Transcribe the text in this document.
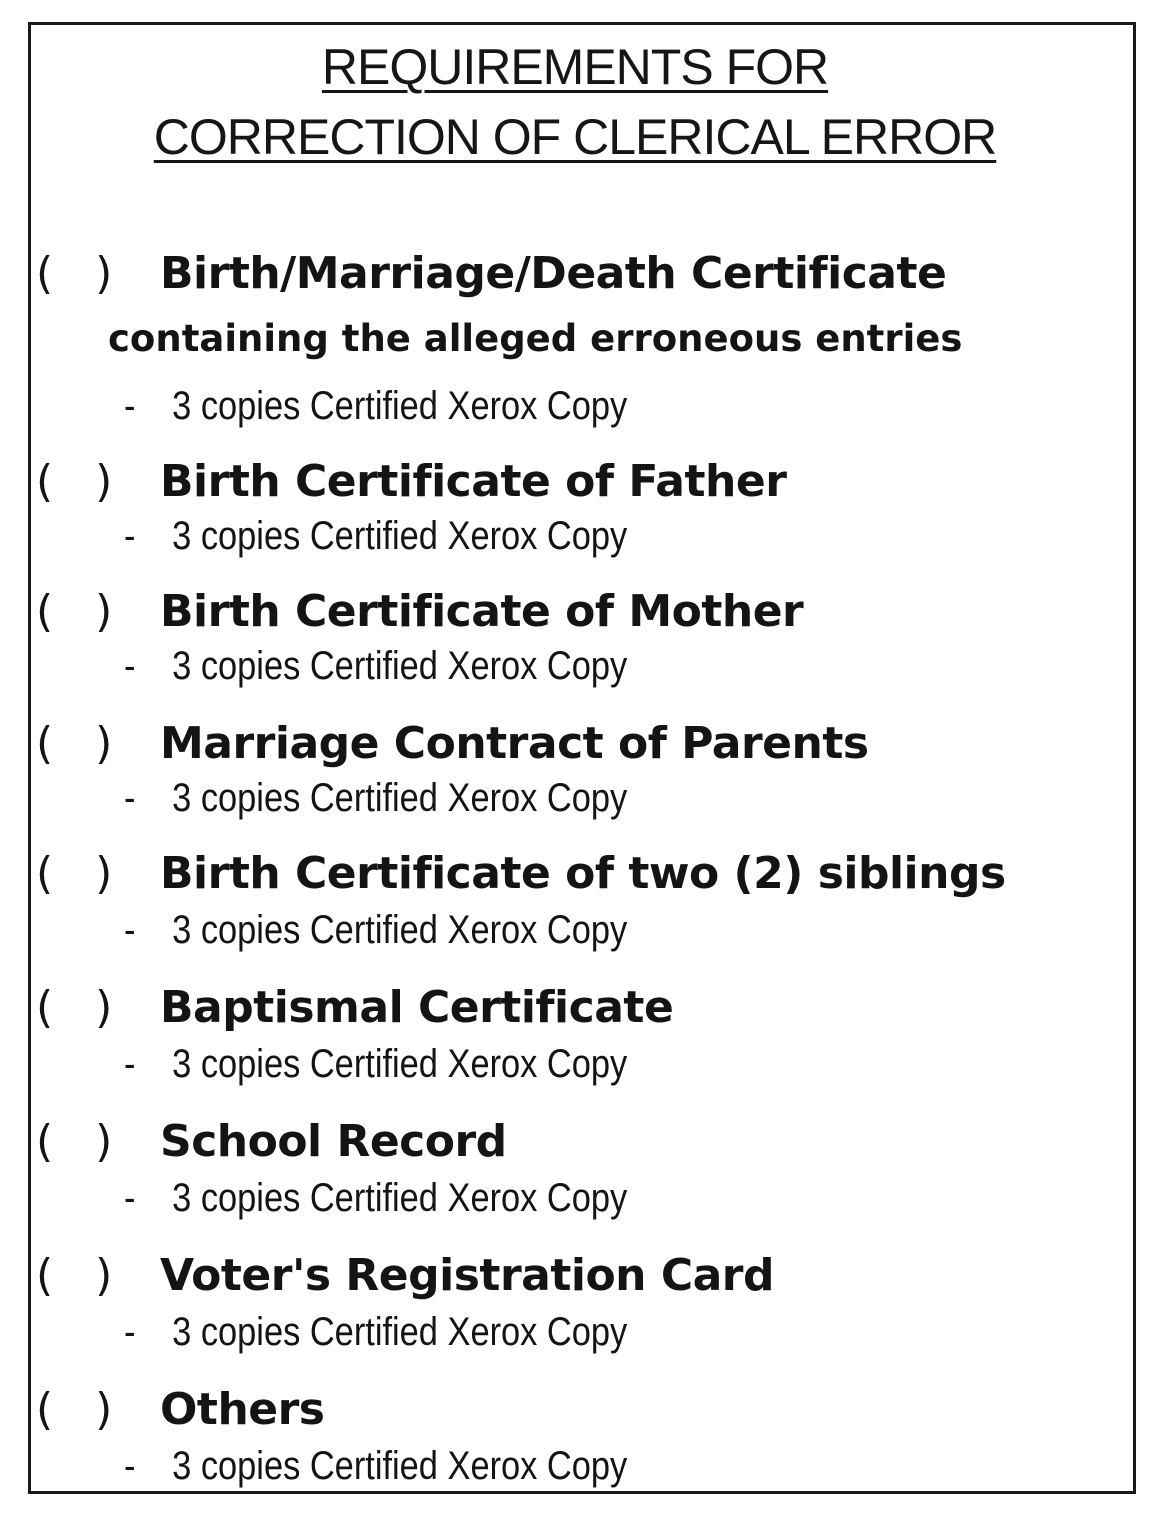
REQUIREMENTS FOR
CORRECTION OF CLERICAL ERROR
(   ) Birth/Marriage/Death Certificate
containing the alleged erroneous entries
- 3 copies Certified Xerox Copy
(   ) Birth Certificate of Father
- 3 copies Certified Xerox Copy
(   ) Birth Certificate of Mother
- 3 copies Certified Xerox Copy
(   ) Marriage Contract of Parents
- 3 copies Certified Xerox Copy
(   ) Birth Certificate of two (2) siblings
- 3 copies Certified Xerox Copy
(   ) Baptismal Certificate
- 3 copies Certified Xerox Copy
(   ) School Record
- 3 copies Certified Xerox Copy
(   ) Voter's Registration Card
- 3 copies Certified Xerox Copy
(   ) Others
- 3 copies Certified Xerox Copy
